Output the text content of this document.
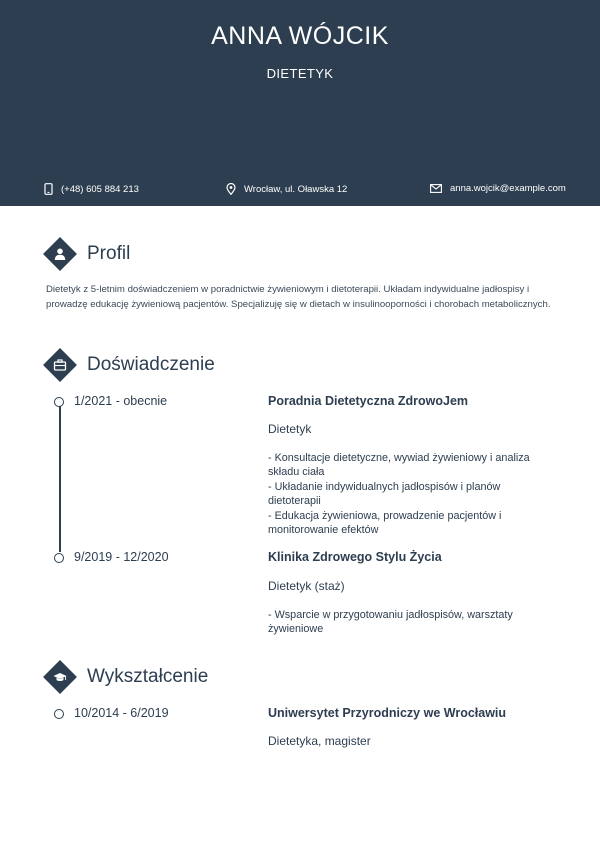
ANNA WÓJCIK
DIETETYK
(+48) 605 884 213	Wrocław, ul. Oławska 12	anna.wojcik@example.com
Profil
Dietetyk z 5-letnim doświadczeniem w poradnictwie żywieniowym i dietoterapii. Układam indywidualne jadłospisy i prowadzę edukację żywieniową pacjentów. Specjalizuję się w dietach w insulinooporności i chorobach metabolicznych.
Doświadczenie
1/2021 - obecnie	Poradnia Dietetyczna ZdrowoJem
Dietetyk
- Konsultacje dietetyczne, wywiad żywieniowy i analiza składu ciała
- Układanie indywidualnych jadłospisów i planów dietoterapii
- Edukacja żywieniowa, prowadzenie pacjentów i monitorowanie efektów
9/2019 - 12/2020	Klinika Zdrowego Stylu Życia
Dietetyk (staż)
- Wsparcie w przygotowaniu jadłospisów, warsztaty żywieniowe
Wykształcenie
10/2014 - 6/2019	Uniwersytet Przyrodniczy we Wrocławiu
Dietetyka, magister
